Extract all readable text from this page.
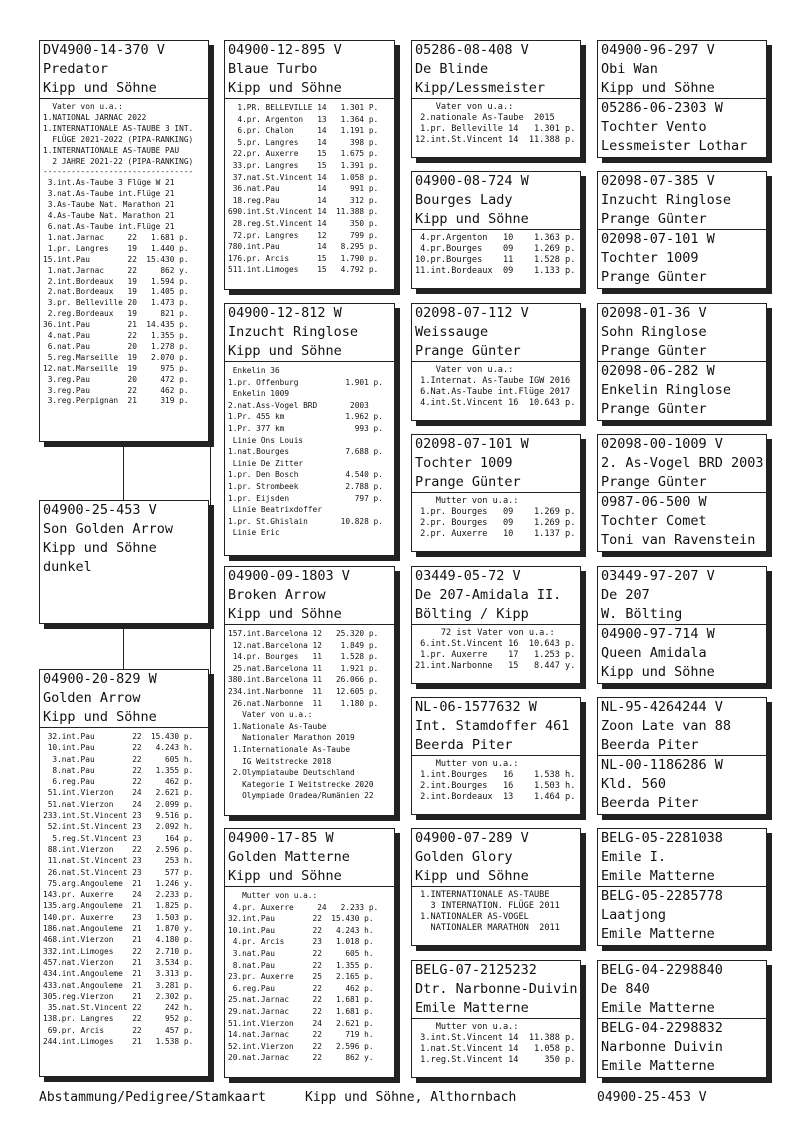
DV4900-14-370 V
Predator
Kipp und Söhne
Vater von u.a.:
1.NATIONAL JARNAC 2022
1.INTERNATIONALE AS-TAUBE 3 INT.
FLÜGE 2021-2022 (PIPA-RANKING)
1.INTERNATIONALE AS-TAUBE PAU
2 JAHRE 2021-22 (PIPA-RANKING)
--------------------------------
3.int.As-Taube 3 Flüge W 21
3.nat.As-Taube int.Flüge 21
3.As-Taube Nat. Marathon 21
4.As-Taube Nat. Marathon 21
6.nat.As-Taube int.Flüge 21
1.nat.Jarnac     22   1.681 p.
1.pr. Langres    19   1.440 p.
15.int.Pau        22  15.430 p.
1.nat.Jarnac     22     862 y.
2.int.Bordeaux   19   1.594 p.
2.nat.Bordeaux   19   1.405 p.
3.pr. Belleville 20   1.473 p.
2.reg.Bordeaux   19     821 p.
36.int.Pau        21  14.435 p.
4.nat.Pau        22   1.355 p.
6.nat.Pau        20   1.278 p.
5.reg.Marseille  19   2.070 p.
12.nat.Marseille  19     975 p.
3.reg.Pau        20     472 p.
3.reg.Pau        22     462 p.
3.reg.Perpignan  21     319 p.
04900-25-453 V
Son Golden Arrow
Kipp und Söhne
dunkel
04900-20-829 W
Golden Arrow
Kipp und Söhne
32.int.Pau        22  15.430 p.
10.int.Pau        22   4.243 h.
3.nat.Pau        22     605 h.
8.nat.Pau        22   1.355 p.
6.reg.Pau        22     462 p.
51.int.Vierzon    24   2.621 p.
51.nat.Vierzon    24   2.099 p.
233.int.St.Vincent 23   9.516 p.
52.int.St.Vincent 23   2.092 h.
5.reg.St.Vincent 23     164 p.
88.int.Vierzon    22   2.596 p.
11.nat.St.Vincent 23     253 h.
26.nat.St.Vincent 23     577 p.
75.arg.Angouleme  21   1.246 y.
143.pr. Auxerre    24   2.233 p.
135.arg.Angouleme  21   1.825 p.
140.pr. Auxerre    23   1.503 p.
186.nat.Angouleme  21   1.870 y.
468.int.Vierzon    21   4.180 p.
332.int.Limoges    22   2.710 p.
457.nat.Vierzon    21   3.534 p.
434.int.Angouleme  21   3.313 p.
433.nat.Angouleme  21   3.281 p.
305.reg.Vierzon    21   2.302 p.
35.nat.St.Vincent 22     242 h.
138.pr. Langres    22     952 p.
69.pr. Arcis      22     457 p.
244.int.Limoges    21   1.538 p.
04900-12-895 V
Blaue Turbo
Kipp und Söhne
1.PR. BELLEVILLE 14   1.301 P.
4.pr. Argenton   13   1.364 p.
6.pr. Chalon     14   1.191 p.
5.pr. Langres    14     398 p.
22.pr. Auxerre    15   1.675 p.
33.pr. Langres    15   1.391 p.
37.nat.St.Vincent 14   1.058 p.
36.nat.Pau        14     991 p.
18.reg.Pau        14     312 p.
690.int.St.Vincent 14  11.388 p.
28.reg.St.Vincent 14     350 p.
72.pr. Langres    12     799 p.
780.int.Pau        14   8.295 p.
176.pr. Arcis      15   1.790 p.
511.int.Limoges    15   4.792 p.
04900-12-812 W
Inzucht Ringlose
Kipp und Söhne
Enkelin 36
1.pr. Offenburg          1.901 p.
Enkelin 1009
2.nat.Ass-Vogel BRD       2003
1.Pr. 455 km             1.962 p.
1.Pr. 377 km               993 p.
Linie Ons Louis
1.nat.Bourges            7.688 p.
Linie De Zitter
1.pr. Den Bosch          4.540 p.
1.pr. Strombeek          2.788 p.
1.pr. Eijsden              797 p.
Linie Beatrixdoffer
1.pr. St.Ghislain       10.828 p.
Linie Eric
04900-09-1803 V
Broken Arrow
Kipp und Söhne
157.int.Barcelona 12   25.320 p.
12.nat.Barcelona 12    1.849 p.
14.pr. Bourges   11    1.528 p.
25.nat.Barcelona 11    1.921 p.
380.int.Barcelona 11   26.066 p.
234.int.Narbonne  11   12.605 p.
26.nat.Narbonne  11    1.180 p.
Vater von u.a.:
1.Nationale As-Taube
Nationaler Marathon 2019
1.Internationale As-Taube
IG Weitstrecke 2018
2.Olympiataube Deutschland
Kategorie I Weitstrecke 2020
Olympiade Oradea/Rumänien 22
04900-17-85 W
Golden Matterne
Kipp und Söhne
Mutter von u.a.:
4.pr. Auxerre     24   2.233 p.
32.int.Pau        22  15.430 p.
10.int.Pau        22   4.243 h.
4.pr. Arcis      23   1.018 p.
3.nat.Pau        22     605 h.
8.nat.Pau        22   1.355 p.
23.pr. Auxerre    25   2.165 p.
6.reg.Pau        22     462 p.
25.nat.Jarnac     22   1.681 p.
29.nat.Jarnac     22   1.681 p.
51.int.Vierzon    24   2.621 p.
14.nat.Jarnac     22     719 h.
52.int.Vierzon    22   2.596 p.
20.nat.Jarnac     22     862 y.
05286-08-408 V
De Blinde
Kipp/Lessmeister
Vater von u.a.:
2.nationale As-Taube  2015
1.pr. Belleville 14   1.301 p.
12.int.St.Vincent 14  11.388 p.
04900-08-724 W
Bourges Lady
Kipp und Söhne
4.pr.Argenton   10    1.363 p.
4.pr.Bourges    09    1.269 p.
10.pr.Bourges    11    1.528 p.
11.int.Bordeaux  09    1.133 p.
02098-07-112 V
Weissauge
Prange Günter
Vater von u.a.:
1.Internat. As-Taube IGW 2016
6.Nat.As-Taube int.Flüge 2017
4.int.St.Vincent 16  10.643 p.
02098-07-101 W
Tochter 1009
Prange Günter
Mutter von u.a.:
1.pr. Bourges   09    1.269 p.
2.pr. Bourges   09    1.269 p.
2.pr. Auxerre   10    1.137 p.
03449-05-72 V
De 207-Amidala II.
Bölting / Kipp
72 ist Vater von u.a.:
6.int.St.Vincent 16  10.643 p.
1.pr. Auxerre    17   1.253 p.
21.int.Narbonne   15   8.447 y.
NL-06-1577632 W
Int. Stamdoffer 461
Beerda Piter
Mutter von u.a.:
1.int.Bourges   16    1.538 h.
2.int.Bourges   16    1.503 h.
2.int.Bordeaux  13    1.464 p.
04900-07-289 V
Golden Glory
Kipp und Söhne
1.INTERNATIONALE AS-TAUBE
3 INTERNATION. FLÜGE 2011
1.NATIONALER AS-VOGEL
NATIONALER MARATHON  2011
BELG-07-2125232
Dtr. Narbonne-Duivin
Emile Matterne
Mutter von u.a.:
3.int.St.Vincent 14  11.388 p.
1.nat.St.Vincent 14   1.058 p.
1.reg.St.Vincent 14     350 p.
04900-96-297 V
Obi Wan
Kipp und Söhne
05286-06-2303 W
Tochter Vento
Lessmeister Lothar
02098-07-385 V
Inzucht Ringlose
Prange Günter
02098-07-101 W
Tochter 1009
Prange Günter
02098-01-36 V
Sohn Ringlose
Prange Günter
02098-06-282 W
Enkelin Ringlose
Prange Günter
02098-00-1009 V
2. As-Vogel BRD 2003
Prange Günter
0987-06-500 W
Tochter Comet
Toni van Ravenstein
03449-97-207 V
De 207
W. Bölting
04900-97-714 W
Queen Amidala
Kipp und Söhne
NL-95-4264244 V
Zoon Late van 88
Beerda Piter
NL-00-1186286 W
Kld. 560
Beerda Piter
BELG-05-2281038
Emile I.
Emile Matterne
BELG-05-2285778
Laatjong
Emile Matterne
BELG-04-2298840
De 840
Emile Matterne
BELG-04-2298832
Narbonne Duivin
Emile Matterne
Abstammung/Pedigree/Stamkaart	Kipp und Söhne, Althornbach	04900-25-453 V
